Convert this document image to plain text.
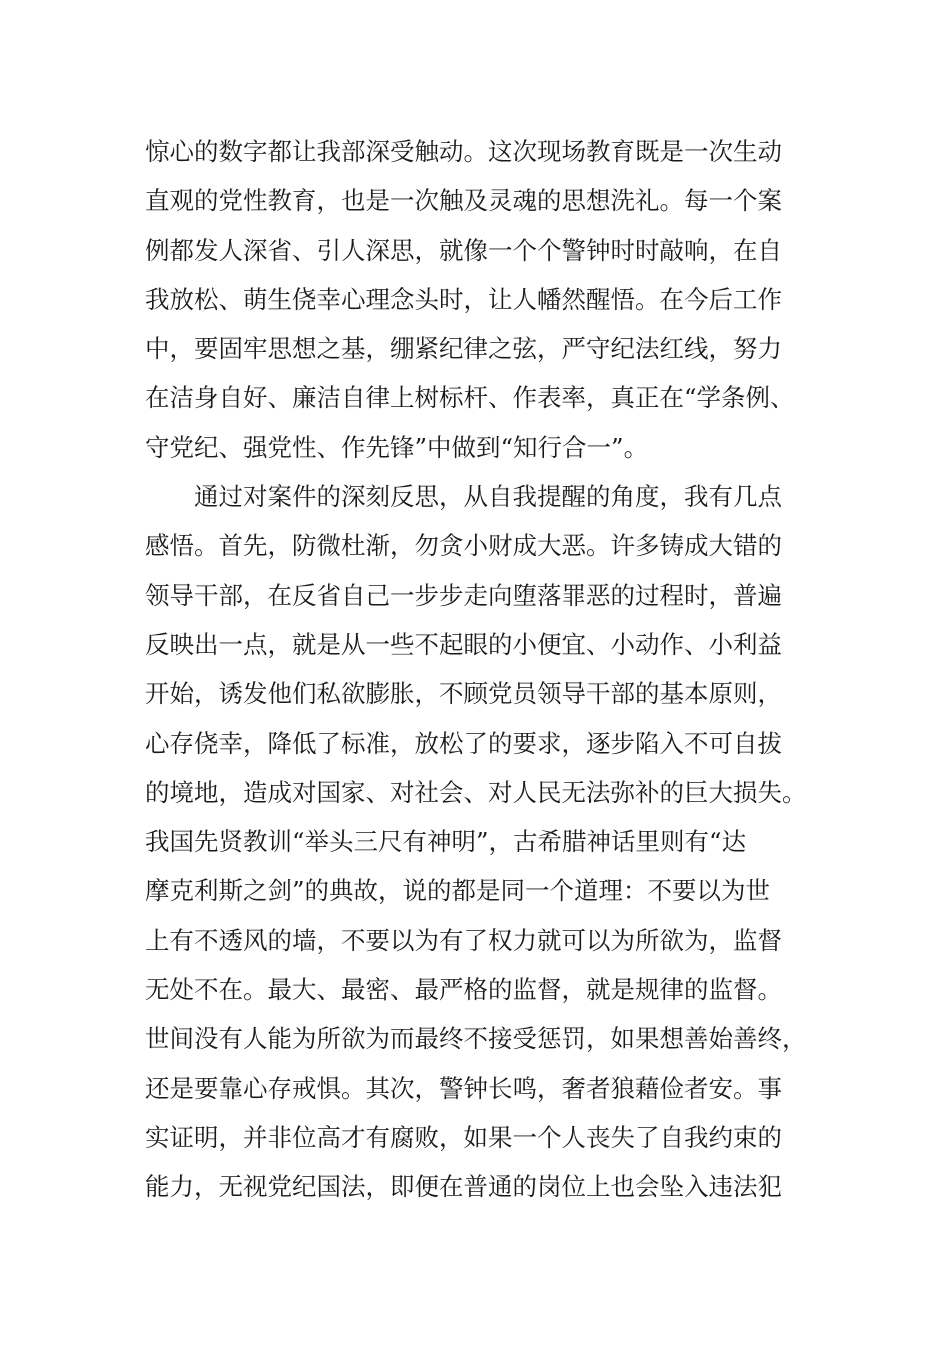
惊心的数字都让我部深受触动。这次现场教育既是一次生动
直观的党性教育，也是一次触及灵魂的思想洗礼。每一个案
例都发人深省、引人深思，就像一个个警钟时时敲响，在自
我放松、萌生侥幸心理念头时，让人幡然醒悟。在今后工作
中，要固牢思想之基，绷紧纪律之弦，严守纪法红线，努力
在洁身自好、廉洁自律上树标杆、作表率，真正在“学条例、
守党纪、强党性、作先锋”中做到“知行合一”。
通过对案件的深刻反思，从自我提醒的角度，我有几点
感悟。首先，防微杜渐，勿贪小财成大恶。许多铸成大错的
领导干部，在反省自己一步步走向堕落罪恶的过程时，普遍
反映出一点，就是从一些不起眼的小便宜、小动作、小利益
开始，诱发他们私欲膨胀，不顾党员领导干部的基本原则，
心存侥幸，降低了标准，放松了的要求，逐步陷入不可自拔
的境地，造成对国家、对社会、对人民无法弥补的巨大损失。
我国先贤教训“举头三尺有神明”，古希腊神话里则有“达
摩克利斯之剑”的典故，说的都是同一个道理：不要以为世
上有不透风的墙，不要以为有了权力就可以为所欲为，监督
无处不在。最大、最密、最严格的监督，就是规律的监督。
世间没有人能为所欲为而最终不接受惩罚，如果想善始善终，
还是要靠心存戒惧。其次，警钟长鸣，奢者狼藉俭者安。事
实证明，并非位高才有腐败，如果一个人丧失了自我约束的
能力，无视党纪国法，即便在普通的岗位上也会坠入违法犯
